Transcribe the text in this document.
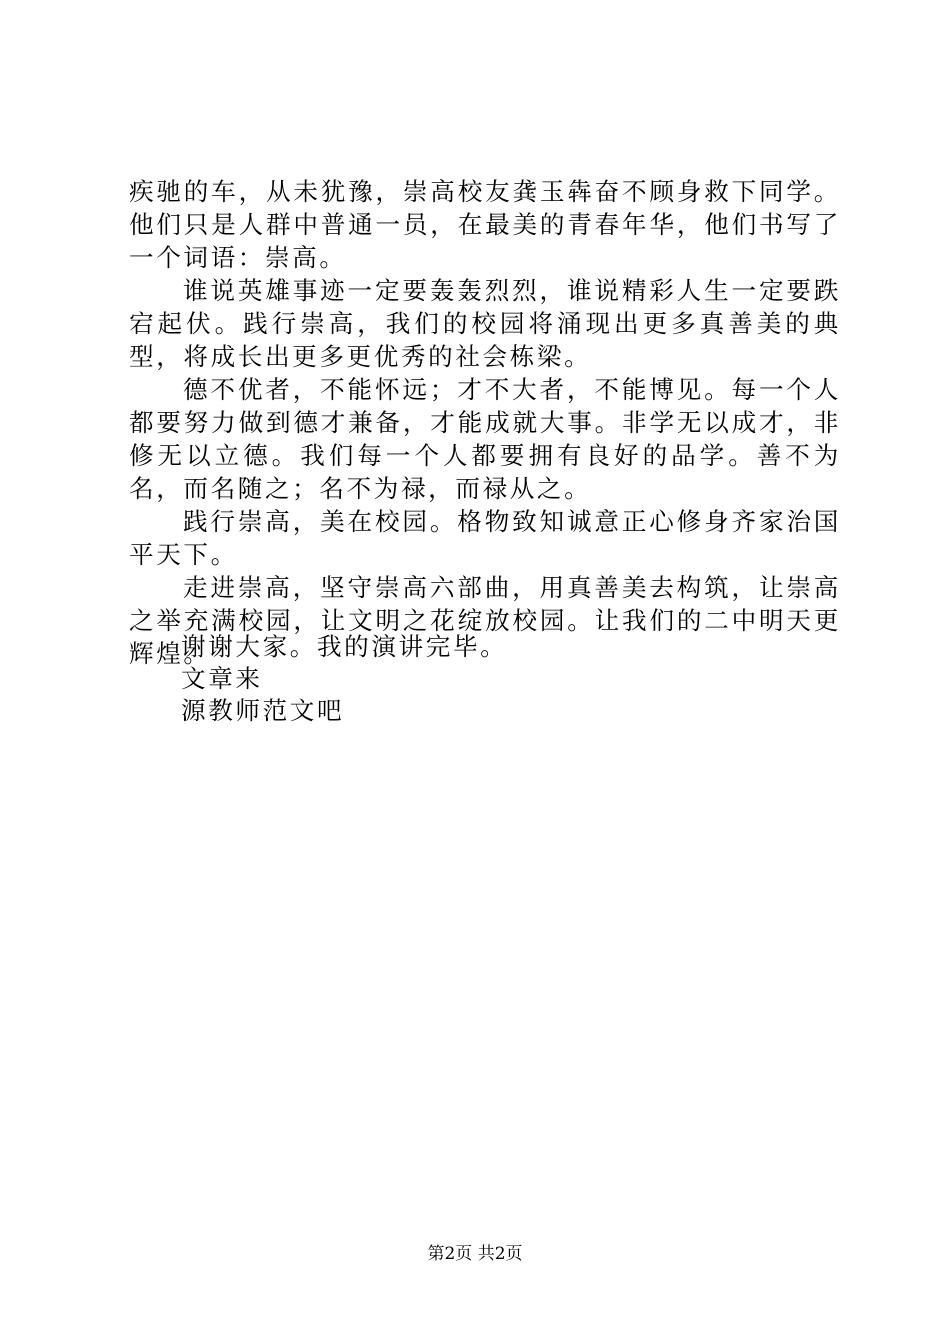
疾驰的车，从未犹豫，崇高校友龚玉犇奋不顾身救下同学。他们只是人群中普通一员，在最美的青春年华，他们书写了一个词语：崇高。

谁说英雄事迹一定要轰轰烈烈，谁说精彩人生一定要跌宕起伏。践行崇高，我们的校园将涌现出更多真善美的典型，将成长出更多更优秀的社会栋梁。

德不优者，不能怀远；才不大者，不能博见。每一个人都要努力做到德才兼备，才能成就大事。非学无以成才，非修无以立德。我们每一个人都要拥有良好的品学。善不为名，而名随之；名不为禄，而禄从之。

践行崇高，美在校园。格物致知诚意正心修身齐家治国平天下。

走进崇高，坚守崇高六部曲，用真善美去构筑，让崇高之举充满校园，让文明之花绽放校园。让我们的二中明天更辉煌。

谢谢大家。我的演讲完毕。
文章来
源教师范文吧
第2页 共2页
